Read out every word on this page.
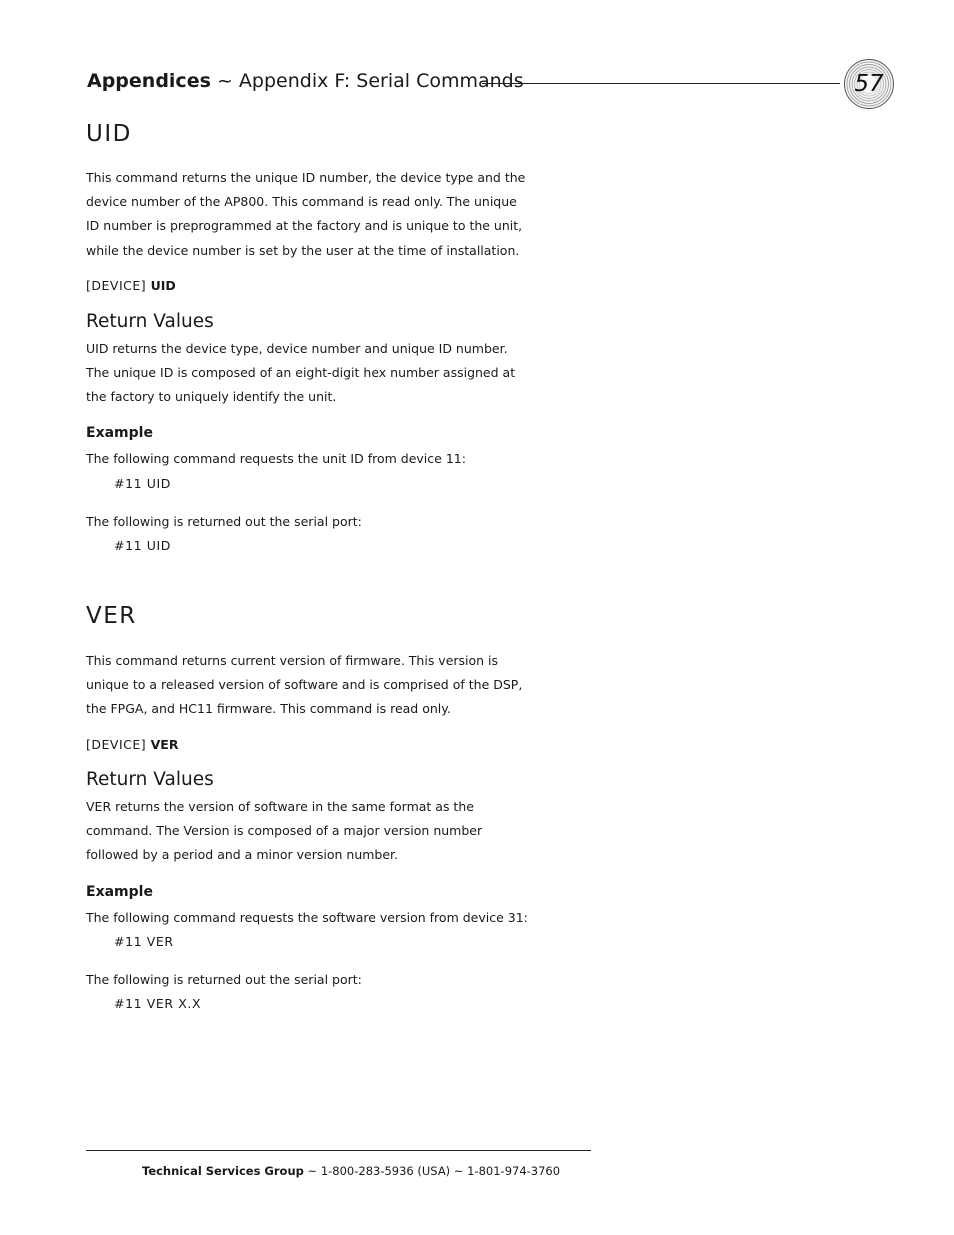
Appendices ~ Appendix F: Serial Commands	57
UID
This command returns the unique ID number, the device type and the device number of the AP800. This command is read only. The unique ID number is preprogrammed at the factory and is unique to the unit, while the device number is set by the user at the time of installation.
[DEVICE] UID
Return Values
UID returns the device type, device number and unique ID number. The unique ID is composed of an eight-digit hex number assigned at the factory to uniquely identify the unit.
Example
The following command requests the unit ID from device 11:
#11 UID
The following is returned out the serial port:
#11 UID
VER
This command returns current version of firmware. This version is unique to a released version of software and is comprised of the DSP, the FPGA, and HC11 firmware. This command is read only.
[DEVICE] VER
Return Values
VER returns the version of software in the same format as the command. The Version is composed of a major version number followed by a period and a minor version number.
Example
The following command requests the software version from device 31:
#11 VER
The following is returned out the serial port:
#11 VER X.X
Technical Services Group ~ 1-800-283-5936 (USA) ~ 1-801-974-3760
